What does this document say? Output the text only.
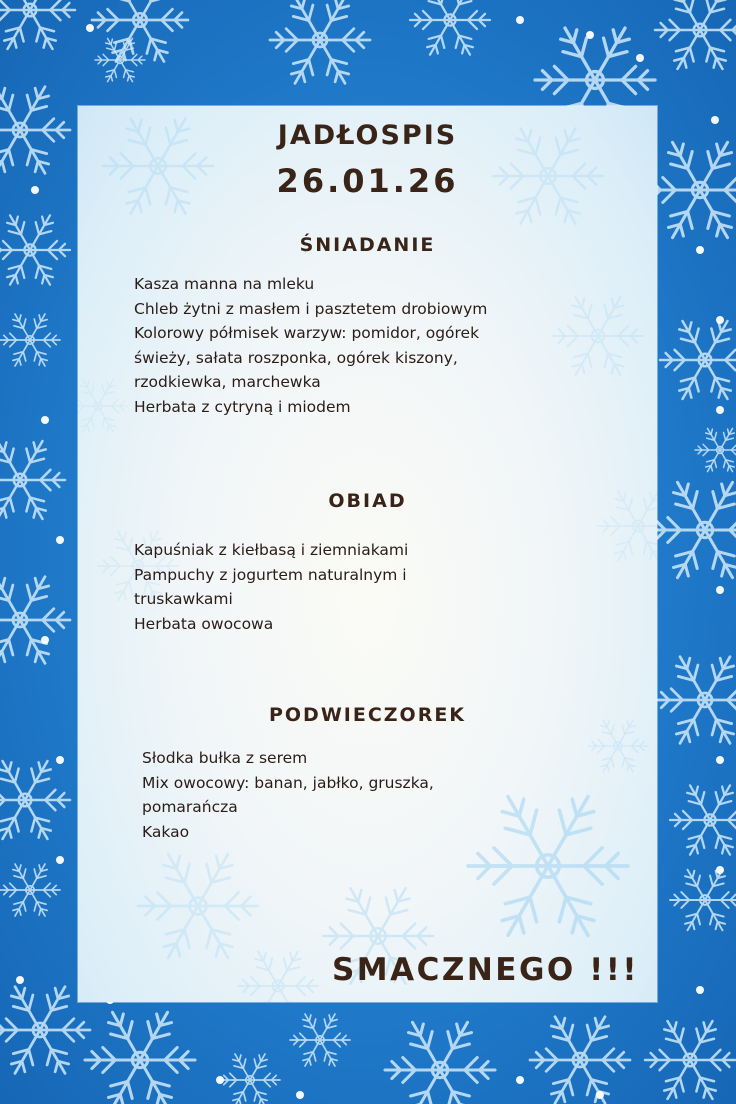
JADŁOSPIS
26.01.26
ŚNIADANIE
Kasza manna na mleku
Chleb żytni z masłem i pasztetem drobiowym
Kolorowy półmisek warzyw: pomidor, ogórek
świeży, sałata roszponka, ogórek kiszony,
rzodkiewka, marchewka
Herbata z cytryną i miodem
OBIAD
Kapuśniak z kiełbasą i ziemniakami
Pampuchy z jogurtem naturalnym i
truskawkami
Herbata owocowa
PODWIECZOREK
Słodka bułka z serem
Mix owocowy: banan, jabłko, gruszka,
pomarańcza
Kakao
SMACZNEGO !!!
